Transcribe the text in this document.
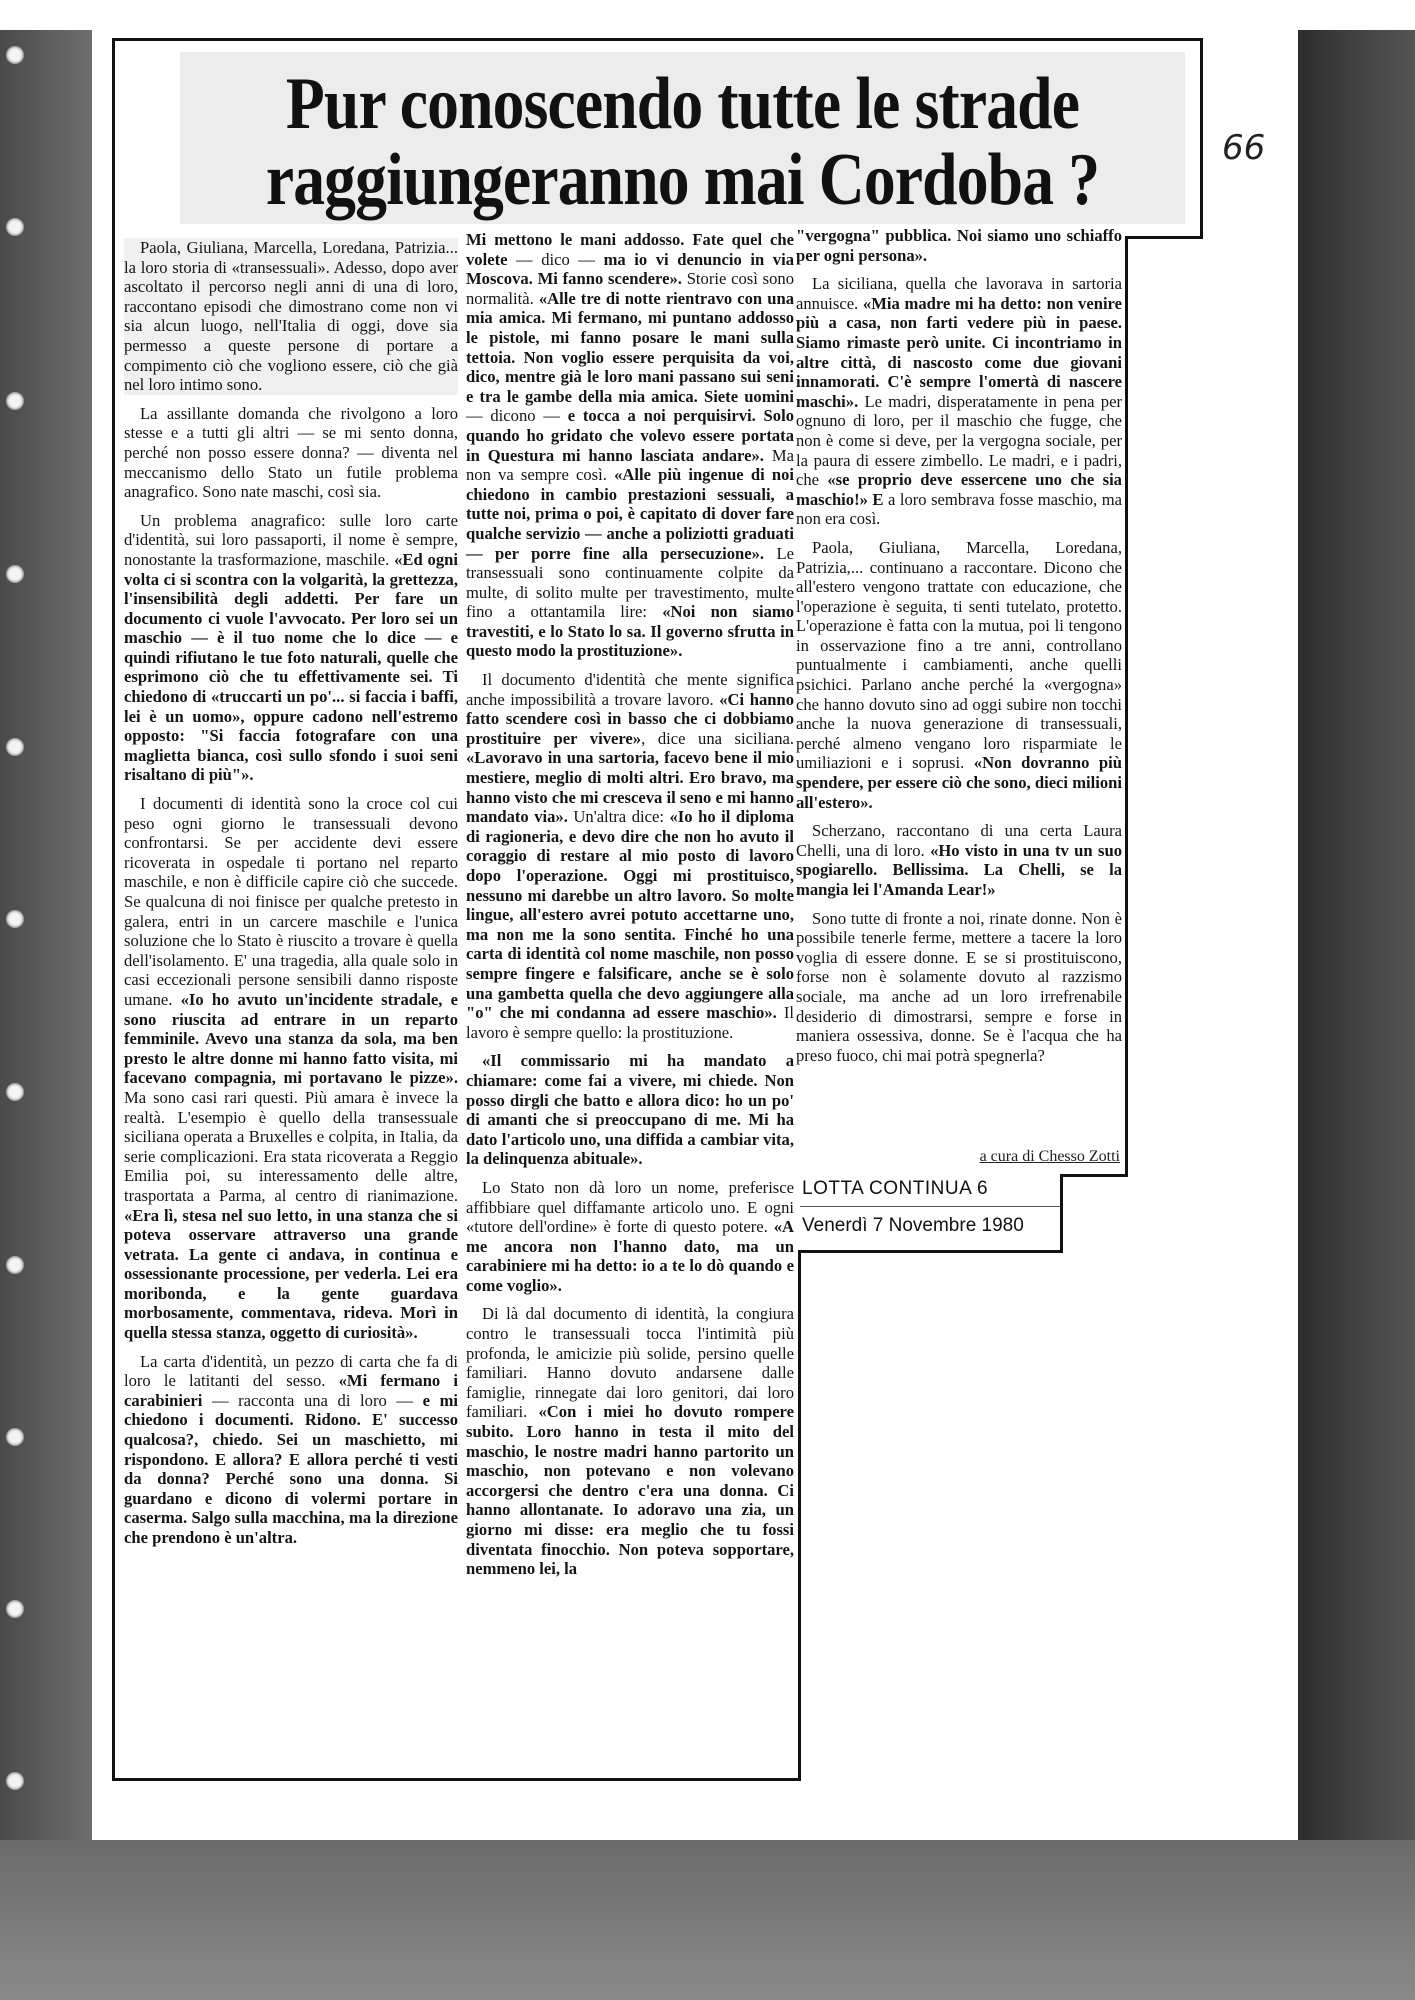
Pur conoscendo tutte le strade
raggiungeranno mai Cordoba ?	66

Paola, Giuliana, Marcella, Loredana, Patrizia... la loro storia di «transessuali». Adesso, dopo aver ascoltato il percorso negli anni di una di loro, raccontano episodi che dimostrano come non vi sia alcun luogo, nell'Italia di oggi, dove sia permesso a queste persone di portare a compimento ciò che vogliono essere, ciò che già nel loro intimo sono.

La assillante domanda che rivolgono a loro stesse e a tutti gli altri — se mi sento donna, perché non posso essere donna? — diventa nel meccanismo dello Stato un futile problema anagrafico. Sono nate maschi, così sia.

Un problema anagrafico: sulle loro carte d'identità, sui loro passaporti, il nome è sempre, nonostante la trasformazione, maschile. «Ed ogni volta ci si scontra con la volgarità, la grettezza, l'insensibilità degli addetti. Per fare un documento ci vuole l'avvocato. Per loro sei un maschio — è il tuo nome che lo dice — e quindi rifiutano le tue foto naturali, quelle che esprimono ciò che tu effettivamente sei. Ti chiedono di «truccarti un po'... si faccia i baffi, lei è un uomo», oppure cadono nell'estremo opposto: "Si faccia fotografare con una maglietta bianca, così sullo sfondo i suoi seni risaltano di più"».

I documenti di identità sono la croce col cui peso ogni giorno le transessuali devono confrontarsi. Se per accidente devi essere ricoverata in ospedale ti portano nel reparto maschile, e non è difficile capire ciò che succede. Se qualcuna di noi finisce per qualche pretesto in galera, entri in un carcere maschile e l'unica soluzione che lo Stato è riuscito a trovare è quella dell'isolamento. E' una tragedia, alla quale solo in casi eccezionali persone sensibili danno risposte umane. «Io ho avuto un'incidente stradale, e sono riuscita ad entrare in un reparto femminile. Avevo una stanza da sola, ma ben presto le altre donne mi hanno fatto visita, mi facevano compagnia, mi portavano le pizze». Ma sono casi rari questi. Più amara è invece la realtà. L'esempio è quello della transessuale siciliana operata a Bruxelles e colpita, in Italia, da serie complicazioni. Era stata ricoverata a Reggio Emilia poi, su interessamento delle altre, trasportata a Parma, al centro di rianimazione. «Era lì, stesa nel suo letto, in una stanza che si poteva osservare attraverso una grande vetrata. La gente ci andava, in continua e ossessionante processione, per vederla. Lei era moribonda, e la gente guardava morbosamente, commentava, rideva. Morì in quella stessa stanza, oggetto di curiosità».

La carta d'identità, un pezzo di carta che fa di loro le latitanti del sesso. «Mi fermano i carabinieri — racconta una di loro — e mi chiedono i documenti. Ridono. E' successo qualcosa?, chiedo. Sei un maschietto, mi rispondono. E allora? E allora perché ti vesti da donna? Perché sono una donna. Si guardano e dicono di volermi portare in caserma. Salgo sulla macchina, ma la direzione che prendono è un'altra.

Mi mettono le mani addosso. Fate quel che volete — dico — ma io vi denuncio in via Moscova. Mi fanno scendere». Storie così sono normalità. «Alle tre di notte rientravo con una mia amica. Mi fermano, mi puntano addosso le pistole, mi fanno posare le mani sulla tettoia. Non voglio essere perquisita da voi, dico, mentre già le loro mani passano sui seni e tra le gambe della mia amica. Siete uomini — dicono — e tocca a noi perquisirvi. Solo quando ho gridato che volevo essere portata in Questura mi hanno lasciata andare». Ma non va sempre così. «Alle più ingenue di noi chiedono in cambio prestazioni sessuali, a tutte noi, prima o poi, è capitato di dover fare qualche servizio — anche a poliziotti graduati — per porre fine alla persecuzione». Le transessuali sono continuamente colpite da multe, di solito multe per travestimento, multe fino a ottantamila lire: «Noi non siamo travestiti, e lo Stato lo sa. Il governo sfrutta in questo modo la prostituzione».

Il documento d'identità che mente significa anche impossibilità a trovare lavoro. «Ci hanno fatto scendere così in basso che ci dobbiamo prostituire per vivere», dice una siciliana. «Lavoravo in una sartoria, facevo bene il mio mestiere, meglio di molti altri. Ero bravo, ma hanno visto che mi cresceva il seno e mi hanno mandato via». Un'altra dice: «Io ho il diploma di ragioneria, e devo dire che non ho avuto il coraggio di restare al mio posto di lavoro dopo l'operazione. Oggi mi prostituisco, nessuno mi darebbe un altro lavoro. So molte lingue, all'estero avrei potuto accettarne uno, ma non me la sono sentita. Finché ho una carta di identità col nome maschile, non posso sempre fingere e falsificare, anche se è solo una gambetta quella che devo aggiungere alla "o" che mi condanna ad essere maschio». Il lavoro è sempre quello: la prostituzione.

«Il commissario mi ha mandato a chiamare: come fai a vivere, mi chiede. Non posso dirgli che batto e allora dico: ho un po' di amanti che si preoccupano di me. Mi ha dato l'articolo uno, una diffida a cambiar vita, la delinquenza abituale».

Lo Stato non dà loro un nome, preferisce affibbiare quel diffamante articolo uno. E ogni «tutore dell'ordine» è forte di questo potere. «A me ancora non l'hanno dato, ma un carabiniere mi ha detto: io a te lo dò quando e come voglio».

Di là dal documento di identità, la congiura contro le transessuali tocca l'intimità più profonda, le amicizie più solide, persino quelle familiari. Hanno dovuto andarsene dalle famiglie, rinnegate dai loro genitori, dai loro familiari. «Con i miei ho dovuto rompere subito. Loro hanno in testa il mito del maschio, le nostre madri hanno partorito un maschio, non potevano e non volevano accorgersi che dentro c'era una donna. Ci hanno allontanate. Io adoravo una zia, un giorno mi disse: era meglio che tu fossi diventata finocchio. Non poteva sopportare, nemmeno lei, la

"vergogna" pubblica. Noi siamo uno schiaffo per ogni persona».

La siciliana, quella che lavorava in sartoria annuisce. «Mia madre mi ha detto: non venire più a casa, non farti vedere più in paese. Siamo rimaste però unite. Ci incontriamo in altre città, di nascosto come due giovani innamorati. C'è sempre l'omertà di nascere maschi». Le madri, disperatamente in pena per ognuno di loro, per il maschio che fugge, che non è come si deve, per la vergogna sociale, per la paura di essere zimbello. Le madri, e i padri, che «se proprio deve essercene uno che sia maschio!» E a loro sembrava fosse maschio, ma non era così.

Paola, Giuliana, Marcella, Loredana, Patrizia,... continuano a raccontare. Dicono che all'estero vengono trattate con educazione, che l'operazione è seguita, ti senti tutelato, protetto. L'operazione è fatta con la mutua, poi li tengono in osservazione fino a tre anni, controllano puntualmente i cambiamenti, anche quelli psichici. Parlano anche perché la «vergogna» che hanno dovuto sino ad oggi subire non tocchi anche la nuova generazione di transessuali, perché almeno vengano loro risparmiate le umiliazioni e i soprusi. «Non dovranno più spendere, per essere ciò che sono, dieci milioni all'estero».

Scherzano, raccontano di una certa Laura Chelli, una di loro. «Ho visto in una tv un suo spogiarello. Bellissima. La Chelli, se la mangia lei l'Amanda Lear!»

Sono tutte di fronte a noi, rinate donne. Non è possibile tenerle ferme, mettere a tacere la loro voglia di essere donne. E se si prostituiscono, forse non è solamente dovuto al razzismo sociale, ma anche ad un loro irrefrenabile desiderio di dimostrarsi, sempre e forse in maniera ossessiva, donne. Se è l'acqua che ha preso fuoco, chi mai potrà spegnerla?

a cura di Chesso Zotti
LOTTA CONTINUA 6
Venerdì 7 Novembre 1980
